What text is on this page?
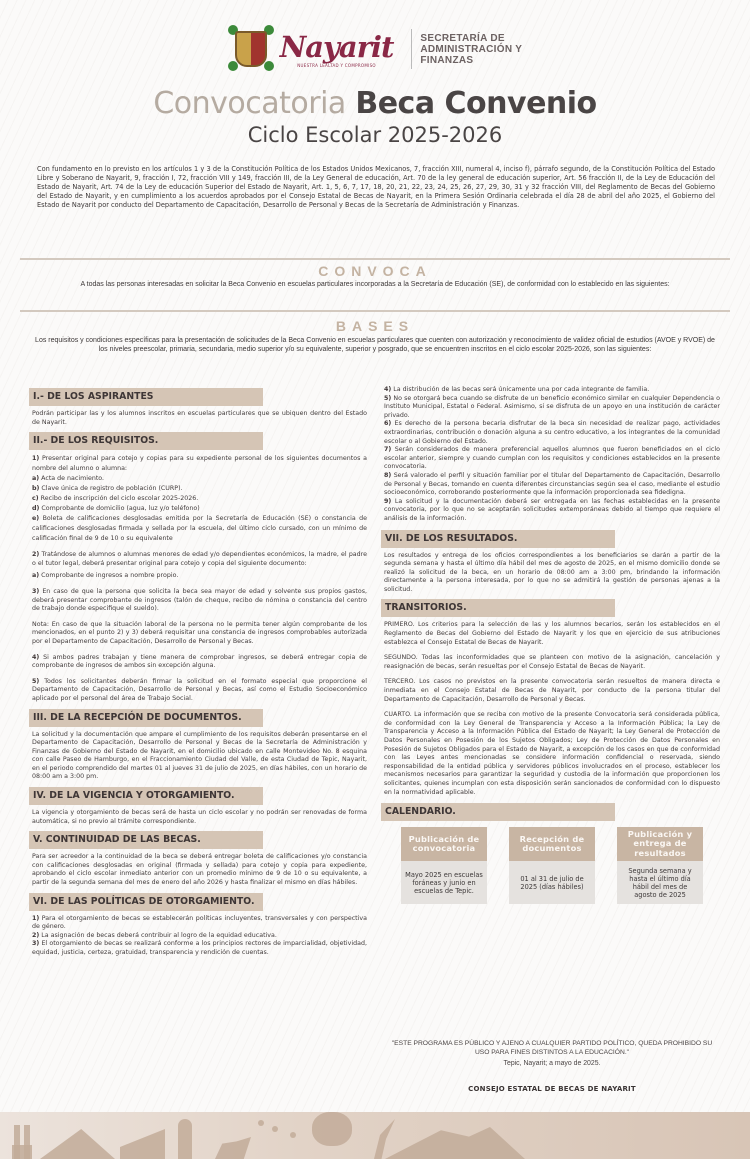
Nayarit
NUESTRA LEALTAD Y COMPROMISO
SECRETARÍA DE
ADMINISTRACIÓN Y
FINANZAS
Convocatoria Beca Convenio
Ciclo Escolar 2025-2026
Con fundamento en lo previsto en los artículos 1 y 3 de la Constitución Política de los Estados Unidos Mexicanos, 7, fracción XIII, numeral 4, inciso f), párrafo segundo, de la Constitución Política del Estado Libre y Soberano de Nayarit, 9, fracción I, 72, fracción VIII y 149, fracción III, de la Ley General de educación, Art. 70 de la ley general de educación superior, Art. 56 fracción II, de la Ley de Educación del Estado de Nayarit, Art. 74 de la Ley de educación Superior del Estado de Nayarit, Art. 1, 5, 6, 7, 17, 18, 20, 21, 22, 23, 24, 25, 26, 27, 29, 30, 31 y 32 fracción VIII, del Reglamento de Becas del Gobierno del Estado de Nayarit, y en cumplimiento a los acuerdos aprobados por el Consejo Estatal de Becas de Nayarit, en la Primera Sesión Ordinaria celebrada el día 28 de abril del año 2025, el Gobierno del Estado de Nayarit por conducto del Departamento de Capacitación, Desarrollo de Personal y Becas de la Secretaría de Administración y Finanzas.
CONVOCA
A todas las personas interesadas en solicitar la Beca Convenio en escuelas particulares incorporadas a la Secretaría de Educación (SE), de conformidad con lo establecido en las siguientes:
BASES
Los requisitos y condiciones específicas para la presentación de solicitudes de la Beca Convenio en escuelas particulares que cuenten con autorización y reconocimiento de validez oficial de estudios (AVOE y RVOE) de los niveles preescolar, primaria, secundaria, medio superior y/o su equivalente, superior y posgrado, que se encuentren inscritos en el ciclo escolar 2025-2026, son las siguientes:
I.- DE LOS ASPIRANTES
Podrán participar las y los alumnos inscritos en escuelas particulares que se ubiquen dentro del Estado de Nayarit.
II.- DE LOS REQUISITOS.
1) Presentar original para cotejo y copias para su expediente personal de los siguientes documentos a nombre del alumno o alumna:
a) Acta de nacimiento.
b) Clave única de registro de población (CURP).
c) Recibo de inscripción del ciclo escolar 2025-2026.
d) Comprobante de domicilio (agua, luz y/o teléfono)
e) Boleta de calificaciones desglosadas emitida por la Secretaría de Educación (SE) o constancia de calificaciones desglosadas firmada y sellada por la escuela, del último ciclo cursado, con un mínimo de calificación final de 9 de 10 o su equivalente
2) Tratándose de alumnos o alumnas menores de edad y/o dependientes económicos, la madre, el padre o el tutor legal, deberá presentar original para cotejo y copia del siguiente documento:
a) Comprobante de ingresos a nombre propio.
3) En caso de que la persona que solicita la beca sea mayor de edad y solvente sus propios gastos, deberá presentar comprobante de ingresos (talón de cheque, recibo de nómina o constancia del centro de trabajo donde especifique el sueldo).
Nota: En caso de que la situación laboral de la persona no le permita tener algún comprobante de los mencionados, en el punto 2) y 3) deberá requisitar una constancia de ingresos comprobables autorizada por el Departamento de Capacitación, Desarrollo de Personal y Becas.
4) Si ambos padres trabajan y tiene manera de comprobar ingresos, se deberá entregar copia de comprobante de ingresos de ambos sin excepción alguna.
5) Todos los solicitantes deberán firmar la solicitud en el formato especial que proporcione el Departamento de Capacitación, Desarrollo de Personal y Becas, así como el Estudio Socioeconómico aplicado por el personal del área de Trabajo Social.
III. DE LA RECEPCIÓN DE DOCUMENTOS.
La solicitud y la documentación que ampare el cumplimiento de los requisitos deberán presentarse en el Departamento de Capacitación, Desarrollo de Personal y Becas de la Secretaría de Administración y Finanzas de Gobierno del Estado de Nayarit, en el domicilio ubicado en calle Montevideo No. 8 esquina con calle Paseo de Hamburgo, en el Fraccionamiento Ciudad del Valle, de esta Ciudad de Tepic, Nayarit, en el periodo comprendido del martes 01 al jueves 31 de julio de 2025, en días hábiles, con un horario de 08:00 am a 3:00 pm.
IV. DE LA VIGENCIA Y OTORGAMIENTO.
La vigencia y otorgamiento de becas será de hasta un ciclo escolar y no podrán ser renovadas de forma automática, si no previo al trámite correspondiente.
V. CONTINUIDAD DE LAS BECAS.
Para ser acreedor a la continuidad de la beca se deberá entregar boleta de calificaciones y/o constancia con calificaciones desglosadas en original (firmada y sellada) para cotejo y copia para expediente, aprobando el ciclo escolar inmediato anterior con un promedio mínimo de 9 de 10 o su equivalente, a partir de la segunda semana del mes de enero del año 2026 y hasta finalizar el mismo en días hábiles.
VI. DE LAS POLÍTICAS DE OTORGAMIENTO.
1) Para el otorgamiento de becas se establecerán políticas incluyentes, transversales y con perspectiva de género.
2) La asignación de becas deberá contribuir al logro de la equidad educativa.
3) El otorgamiento de becas se realizará conforme a los principios rectores de imparcialidad, objetividad, equidad, justicia, certeza, gratuidad, transparencia y rendición de cuentas.
4) La distribución de las becas será únicamente una por cada integrante de familia.
5) No se otorgará beca cuando se disfrute de un beneficio económico similar en cualquier Dependencia o Instituto Municipal, Estatal o Federal. Asimismo, si se disfruta de un apoyo en una institución de carácter privado.
6) Es derecho de la persona becaria disfrutar de la beca sin necesidad de realizar pago, actividades extraordinarias, contribución o donación alguna a su centro educativo, a los integrantes de la comunidad escolar o al Gobierno del Estado.
7) Serán considerados de manera preferencial aquellos alumnos que fueron beneficiados en el ciclo escolar anterior, siempre y cuando cumplan con los requisitos y condiciones establecidos en la presente convocatoria.
8) Será valorado el perfil y situación familiar por el titular del Departamento de Capacitación, Desarrollo de Personal y Becas, tomando en cuenta diferentes circunstancias según sea el caso, mediante el estudio socioeconómico, corroborando posteriormente que la información proporcionada sea fidedigna.
9) La solicitud y la documentación deberá ser entregada en las fechas establecidas en la presente convocatoria, por lo que no se aceptarán solicitudes extemporáneas debido al tiempo que requiere el análisis de la información.
VII. DE LOS RESULTADOS.
Los resultados y entrega de los oficios correspondientes a los beneficiarios se darán a partir de la segunda semana y hasta el último día hábil del mes de agosto de 2025, en el mismo domicilio donde se realizó la solicitud de la beca, en un horario de 08:00 am a 3:00 pm, brindando la información directamente a la persona interesada, por lo que no se admitirá la gestión de personas ajenas a la solicitud.
TRANSITORIOS.
PRIMERO. Los criterios para la selección de las y los alumnos becarios, serán los establecidos en el Reglamento de Becas del Gobierno del Estado de Nayarit y los que en ejercicio de sus atribuciones establezca el Consejo Estatal de Becas de Nayarit.
SEGUNDO. Todas las inconformidades que se planteen con motivo de la asignación, cancelación y reasignación de becas, serán resueltas por el Consejo Estatal de Becas de Nayarit.
TERCERO. Los casos no previstos en la presente convocatoria serán resueltos de manera directa e inmediata en el Consejo Estatal de Becas de Nayarit, por conducto de la persona titular del Departamento de Capacitación, Desarrollo de Personal y Becas.
CUARTO. La información que se reciba con motivo de la presente Convocatoria será considerada pública, de conformidad con la Ley General de Transparencia y Acceso a la Información Pública; la Ley de Transparencia y Acceso a la Información Pública del Estado de Nayarit; la Ley General de Protección de Datos Personales en Posesión de los Sujetos Obligados; Ley de Protección de Datos Personales en Posesión de Sujetos Obligados para el Estado de Nayarit, a excepción de los casos en que de conformidad con las Leyes antes mencionadas se considere información confidencial o reservada, siendo responsabilidad de la entidad pública y servidores públicos involucrados en el proceso, establecer los mecanismos necesarios para garantizar la seguridad y custodia de la información que proporcionen los solicitantes, quienes incumplan con esta disposición serán sancionados de conformidad con lo dispuesto en la normatividad aplicable.
CALENDARIO.
Publicación de convocatoria
Mayo 2025 en escuelas foráneas y junio en escuelas de Tepic.
Recepción de documentos
01 al 31 de julio de 2025 (días hábiles)
Publicación y entrega de resultados
Segunda semana y hasta el último día hábil del mes de agosto de 2025
"ESTE PROGRAMA ES PÚBLICO Y AJENO A CUALQUIER PARTIDO POLÍTICO, QUEDA PROHIBIDO SU USO PARA FINES DISTINTOS A LA EDUCACIÓN."
Tepic, Nayarit; a mayo de 2025.
CONSEJO ESTATAL DE BECAS DE NAYARIT
